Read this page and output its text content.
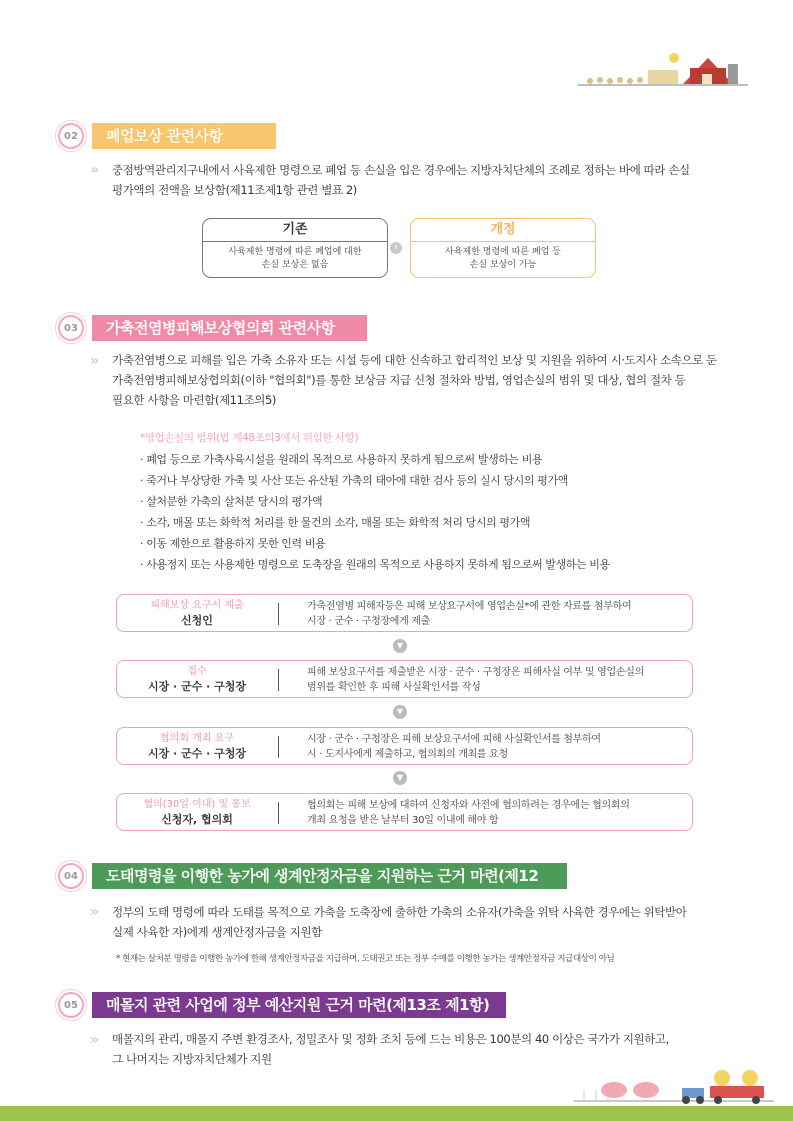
02	폐업보상 관련사항
» 중점방역관리지구내에서 사육제한 명령으로 폐업 등 손실을 입은 경우에는 지방자치단체의 조례로 정하는 바에 따라 손실
평가액의 전액을 보상함(제11조제1항 관련 별표 2)
기존
사육제한 명령에 따른 폐업에 대한
손실 보상은 없음
›
개정
사육제한 명령에 따른 폐업 등
손실 보상이 가능
03	가축전염병피해보상협의회 관련사항
» 가축전염병으로 피해를 입은 가축 소유자 또는 시설 등에 대한 신속하고 합리적인 보상 및 지원을 위하여 시·도지사 소속으로 둔
가축전염병피해보상협의회(이하 "협의회")를 통한 보상금 지급 신청 절차와 방법, 영업손실의 범위 및 대상, 협의 절차 등
필요한 사항을 마련함(제11조의5)
*영업손실의 범위(법 제48조의3에서 위임한 사항)
· 폐업 등으로 가축사육시설을 원래의 목적으로 사용하지 못하게 됨으로써 발생하는 비용
· 죽거나 부상당한 가축 및 사산 또는 유산된 가축의 태아에 대한 검사 등의 실시 당시의 평가액
· 살처분한 가축의 살처분 당시의 평가액
· 소각, 매몰 또는 화학적 처리를 한 물건의 소각, 매몰 또는 화학적 처리 당시의 평가액
· 이동 제한으로 활용하지 못한 인력 비용
· 사용정지 또는 사용제한 명령으로 도축장을 원래의 목적으로 사용하지 못하게 됨으로써 발생하는 비용
피해보상 요구서 제출
신청인
가축전염병 피해자등은 피해 보상요구서에 영업손실*에 관한 자료를 첨부하여
시장 · 군수 · 구청장에게 제출
▼
접수
시장 · 군수 · 구청장
피해 보상요구서를 제출받은 시장 · 군수 · 구청장은 피해사실 여부 및 영업손실의
범위를 확인한 후 피해 사실확인서를 작성
▼
협의회 개최 요구
시장 · 군수 · 구청장
시장 · 군수 · 구청장은 피해 보상요구서에 피해 사실확인서를 첨부하여
시 · 도지사에게 제출하고, 협의회의 개최를 요청
▼
협의(30일 이내) 및 통보
신청자, 협의회
협의회는 피해 보상에 대하여 신청자와 사전에 협의하려는 경우에는 협의회의
개최 요청을 받은 날부터 30일 이내에 해야 함
04	도태명령을 이행한 농가에 생계안정자금을 지원하는 근거 마련(제12조)
» 정부의 도태 명령에 따라 도태를 목적으로 가축을 도축장에 출하한 가축의 소유자(가축을 위탁 사육한 경우에는 위탁받아
실제 사육한 자)에게 생계안정자금을 지원함
* 현재는 살처분 명령을 이행한 농가에 한해 생계안정자금을 지급하며, 도태권고 또는 정부 수매를 이행한 농가는 생계안정자금 지급대상이 아님
05	매몰지 관련 사업에 정부 예산지원 근거 마련(제13조 제1항)
» 매몰지의 관리, 매몰지 주변 환경조사, 정밀조사 및 정화 조치 등에 드는 비용은 100분의 40 이상은 국가가 지원하고,
그 나머지는 지방자치단체가 지원
